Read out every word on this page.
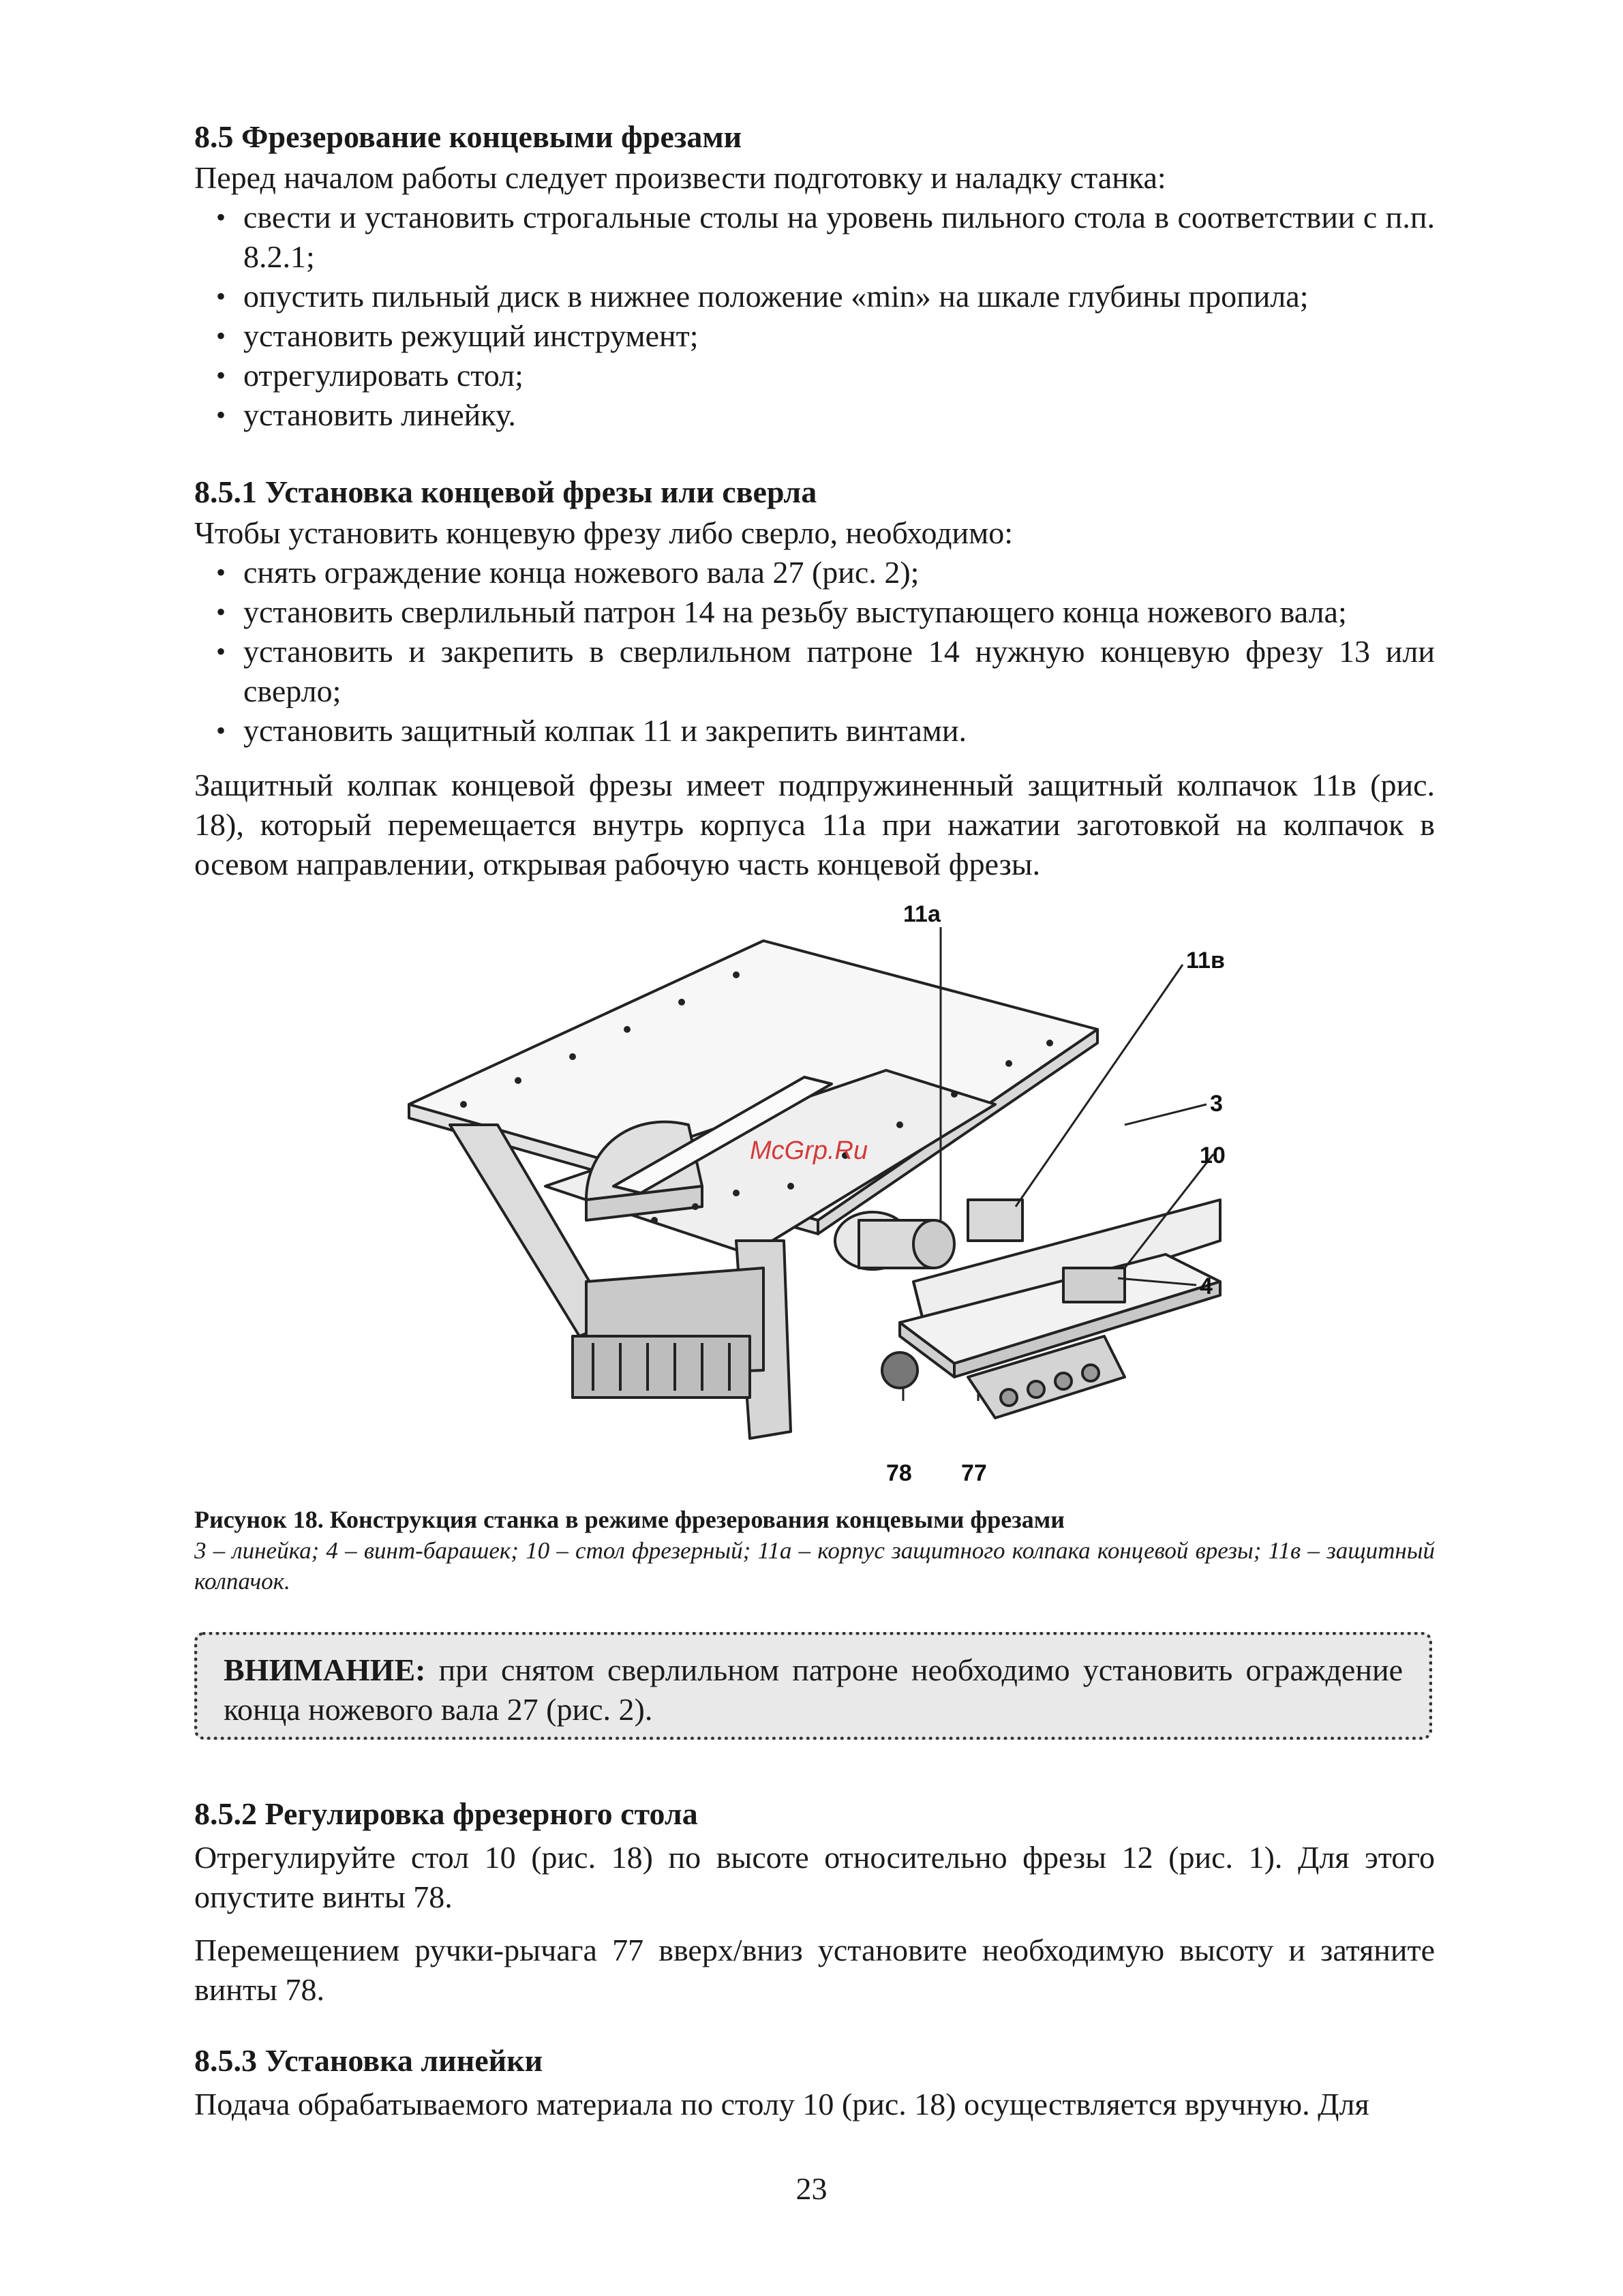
8.5 Фрезерование концевыми фрезами

Перед началом работы следует произвести подготовку и наладку станка:

• свести и установить строгальные столы на уровень пильного стола в соответствии с п.п. 8.2.1;
• опустить пильный диск в нижнее положение «min» на шкале глубины пропила;
• установить режущий инструмент;
• отрегулировать стол;
• установить линейку.

8.5.1 Установка концевой фрезы или сверла

Чтобы установить концевую фрезу либо сверло, необходимо:

• снять ограждение конца ножевого вала 27 (рис. 2);
• установить сверлильный патрон 14 на резьбу выступающего конца ножевого вала;
• установить и закрепить в сверлильном патроне 14 нужную концевую фрезу 13 или сверло;
• установить защитный колпак 11 и закрепить винтами.

Защитный колпак концевой фрезы имеет подпружиненный защитный колпачок 11в (рис. 18), который перемещается внутрь корпуса 11а при нажатии заготовкой на колпачок в осевом направлении, открывая рабочую часть концевой фрезы.

11а
11в
3
10
4
78 77
McGrp.Ru

Рисунок 18. Конструкция станка в режиме фрезерования концевыми фрезами

3 – линейка; 4 – винт-барашек; 10 – стол фрезерный; 11а – корпус защитного колпака концевой врезы; 11в – защитный колпачок.

ВНИМАНИЕ: при снятом сверлильном патроне необходимо установить ограждение конца ножевого вала 27 (рис. 2).

8.5.2 Регулировка фрезерного стола

Отрегулируйте стол 10 (рис. 18) по высоте относительно фрезы 12 (рис. 1). Для этого опустите винты 78.

Перемещением ручки-рычага 77 вверх/вниз установите необходимую высоту и затяните винты 78.

8.5.3 Установка линейки

Подача обрабатываемого материала по столу 10 (рис. 18) осуществляется вручную. Для

23
